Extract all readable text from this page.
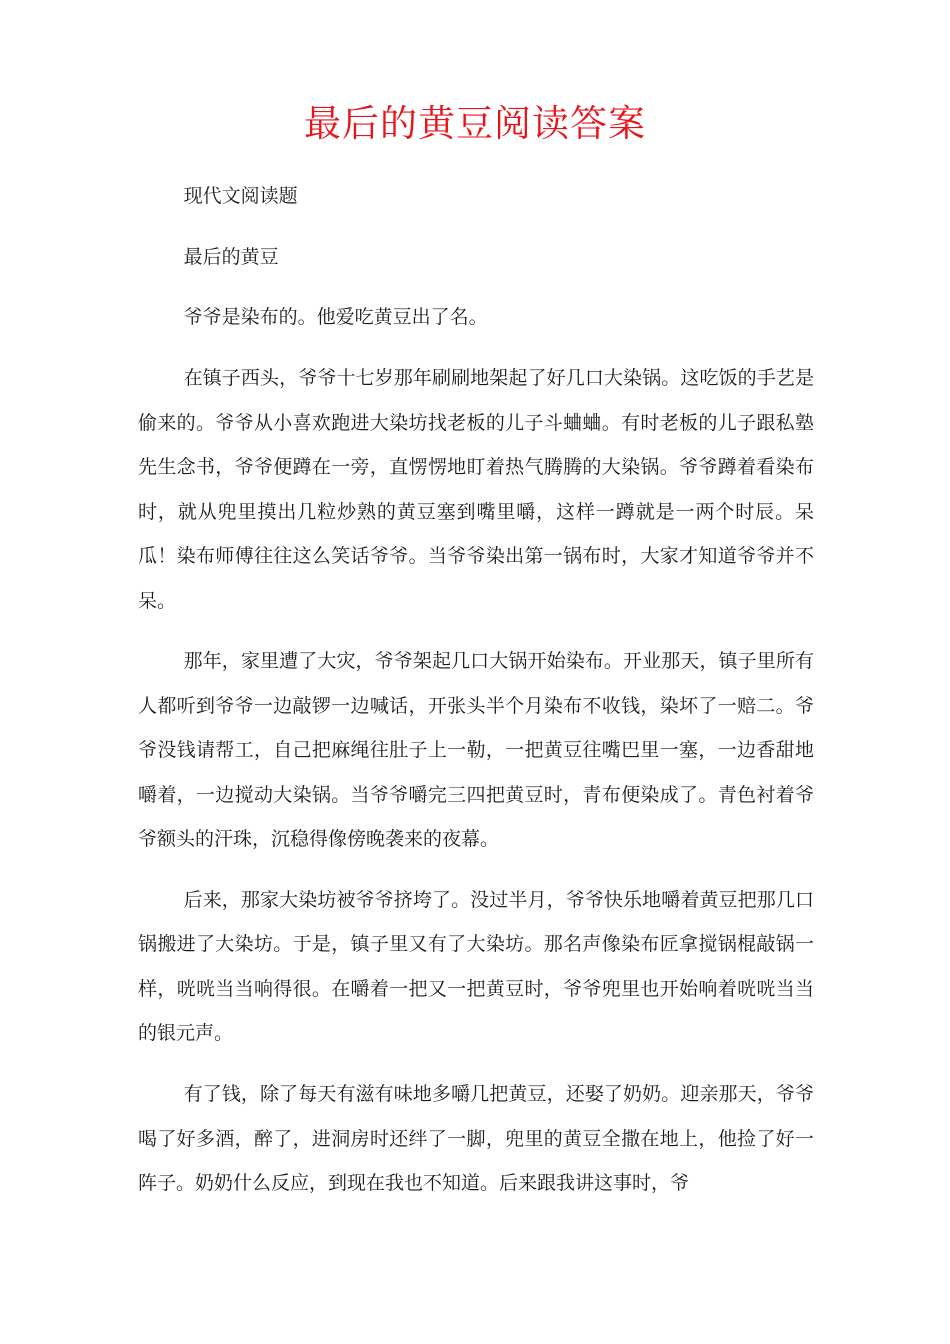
最后的黄豆阅读答案

现代文阅读题

最后的黄豆

爷爷是染布的。他爱吃黄豆出了名。

在镇子西头，爷爷十七岁那年刷刷地架起了好几口大染锅。这吃饭的手艺是偷来的。爷爷从小喜欢跑进大染坊找老板的儿子斗蛐蛐。有时老板的儿子跟私塾先生念书，爷爷便蹲在一旁，直愣愣地盯着热气腾腾的大染锅。爷爷蹲着看染布时，就从兜里摸出几粒炒熟的黄豆塞到嘴里嚼，这样一蹲就是一两个时辰。呆瓜！染布师傅往往这么笑话爷爷。当爷爷染出第一锅布时，大家才知道爷爷并不呆。

那年，家里遭了大灾，爷爷架起几口大锅开始染布。开业那天，镇子里所有人都听到爷爷一边敲锣一边喊话，开张头半个月染布不收钱，染坏了一赔二。爷爷没钱请帮工，自己把麻绳往肚子上一勒，一把黄豆往嘴巴里一塞，一边香甜地嚼着，一边搅动大染锅。当爷爷嚼完三四把黄豆时，青布便染成了。青色衬着爷爷额头的汗珠，沉稳得像傍晚袭来的夜幕。

后来，那家大染坊被爷爷挤垮了。没过半月，爷爷快乐地嚼着黄豆把那几口锅搬进了大染坊。于是，镇子里又有了大染坊。那名声像染布匠拿搅锅棍敲锅一样，咣咣当当响得很。在嚼着一把又一把黄豆时，爷爷兜里也开始响着咣咣当当的银元声。

有了钱，除了每天有滋有味地多嚼几把黄豆，还娶了奶奶。迎亲那天，爷爷喝了好多酒，醉了，进洞房时还绊了一脚，兜里的黄豆全撒在地上，他捡了好一阵子。奶奶什么反应，到现在我也不知道。后来跟我讲这事时，爷
